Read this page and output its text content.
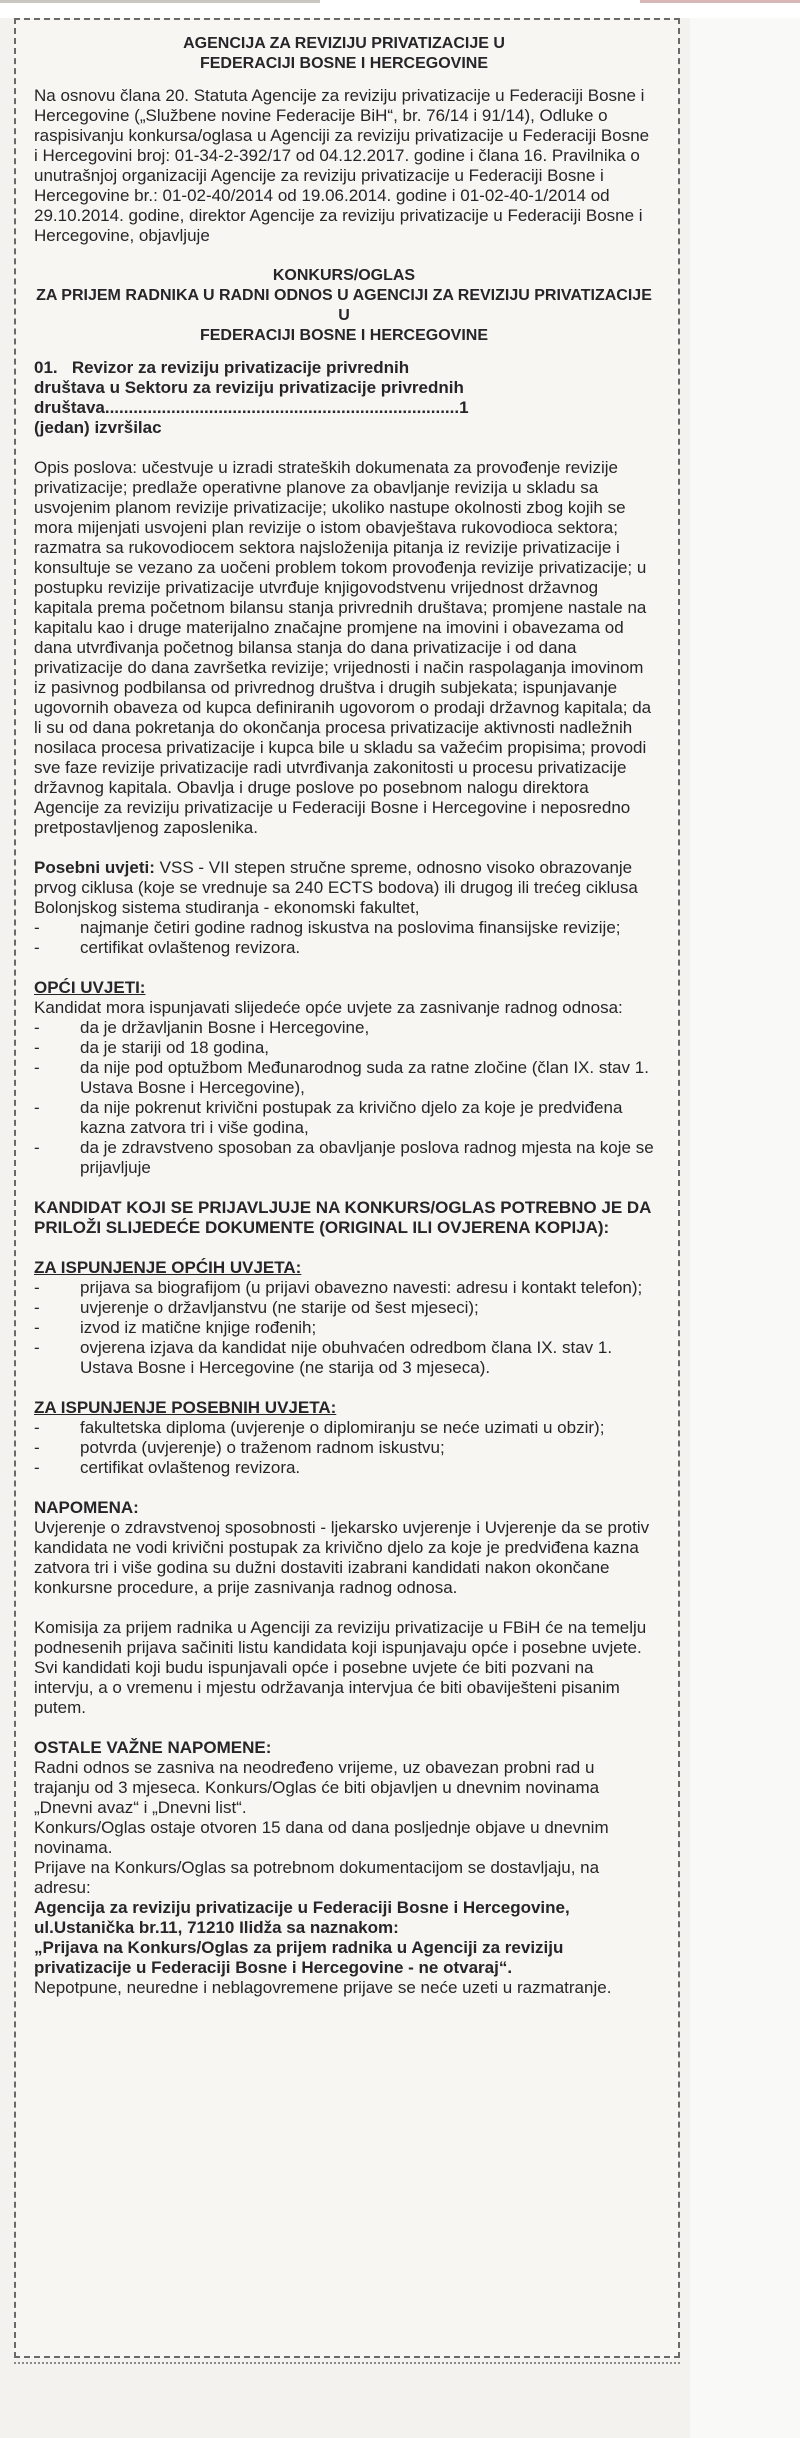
AGENCIJA ZA REVIZIJU PRIVATIZACIJE U
FEDERACIJI BOSNE I HERCEGOVINE

Na osnovu člana 20. Statuta Agencije za reviziju privatizacije u Federaciji Bosne i Hercegovine („Službene novine Federacije BiH“, br. 76/14 i 91/14), Odluke o raspisivanju konkursa/oglasa u Agenciji za reviziju privatizacije u Federaciji Bosne i Hercegovini broj: 01-34-2-392/17 od 04.12.2017. godine i člana 16. Pravilnika o unutrašnjoj organizaciji Agencije za reviziju privatizacije u Federaciji Bosne i Hercegovine br.: 01-02-40/2014 od 19.06.2014. godine i 01-02-40-1/2014 od 29.10.2014. godine, direktor Agencije za reviziju privatizacije u Federaciji Bosne i Hercegovine, objavljuje

KONKURS/OGLAS
ZA PRIJEM RADNIKA U RADNI ODNOS U AGENCIJI ZA REVIZIJU PRIVATIZACIJE U
FEDERACIJI BOSNE I HERCEGOVINE

01. Revizor za reviziju privatizacije privrednih

društava u Sektoru za reviziju privatizacije privrednih

društava...........................................................................1

(jedan) izvršilac

Opis poslova: učestvuje u izradi strateških dokumenata za provođenje revizije privatizacije; predlaže operativne planove za obavljanje revizija u skladu sa usvojenim planom revizije privatizacije; ukoliko nastupe okolnosti zbog kojih se mora mijenjati usvojeni plan revizije o istom obavještava rukovodioca sektora; razmatra sa rukovodiocem sektora najsloženija pitanja iz revizije privatizacije i konsultuje se vezano za uočeni problem tokom provođenja revizije privatizacije; u postupku revizije privatizacije utvrđuje knjigovodstvenu vrijednost državnog kapitala prema početnom bilansu stanja privrednih društava; promjene nastale na kapitalu kao i druge materijalno značajne promjene na imovini i obavezama od dana utvrđivanja početnog bilansa stanja do dana privatizacije i od dana privatizacije do dana završetka revizije; vrijednosti i način raspolaganja imovinom iz pasivnog podbilansa od privrednog društva i drugih subjekata; ispunjavanje ugovornih obaveza od kupca definiranih ugovorom o prodaji državnog kapitala; da li su od dana pokretanja do okončanja procesa privatizacije aktivnosti nadležnih nosilaca procesa privatizacije i kupca bile u skladu sa važećim propisima; provodi sve faze revizije privatizacije radi utvrđivanja zakonitosti u procesu privatizacije državnog kapitala. Obavlja i druge poslove po posebnom nalogu direktora Agencije za reviziju privatizacije u Federaciji Bosne i Hercegovine i neposredno pretpostavljenog zaposlenika.

Posebni uvjeti: VSS - VII stepen stručne spreme, odnosno visoko obrazovanje prvog ciklusa (koje se vrednuje sa 240 ECTS bodova) ili drugog ili trećeg ciklusa Bolonjskog sistema studiranja - ekonomski fakultet,

- najmanje četiri godine radnog iskustva na poslovima finansijske revizije;
- certifikat ovlaštenog revizora.

OPĆI UVJETI:

Kandidat mora ispunjavati slijedeće opće uvjete za zasnivanje radnog odnosa:

- da je državljanin Bosne i Hercegovine,
- da je stariji od 18 godina,
- da nije pod optužbom Međunarodnog suda za ratne zločine (član IX. stav 1. Ustava Bosne i Hercegovine),
- da nije pokrenut krivični postupak za krivično djelo za koje je predviđena kazna zatvora tri i više godina,
- da je zdravstveno sposoban za obavljanje poslova radnog mjesta na koje se prijavljuje

KANDIDAT KOJI SE PRIJAVLJUJE NA KONKURS/OGLAS POTREBNO JE DA

PRILOŽI SLIJEDEĆE DOKUMENTE (ORIGINAL ILI OVJERENA KOPIJA):

ZA ISPUNJENJE OPĆIH UVJETA:

- prijava sa biografijom (u prijavi obavezno navesti: adresu i kontakt telefon);
- uvjerenje o državljanstvu (ne starije od šest mjeseci);
- izvod iz matične knjige rođenih;
- ovjerena izjava da kandidat nije obuhvaćen odredbom člana IX. stav 1. Ustava Bosne i Hercegovine (ne starija od 3 mjeseca).

ZA ISPUNJENJE POSEBNIH UVJETA:

- fakultetska diploma (uvjerenje o diplomiranju se neće uzimati u obzir);
- potvrda (uvjerenje) o traženom radnom iskustvu;
- certifikat ovlaštenog revizora.

NAPOMENA:

Uvjerenje o zdravstvenoj sposobnosti - ljekarsko uvjerenje i Uvjerenje da se protiv kandidata ne vodi krivični postupak za krivično djelo za koje je predviđena kazna zatvora tri i više godina su dužni dostaviti izabrani kandidati nakon okončane konkursne procedure, a prije zasnivanja radnog odnosa.

Komisija za prijem radnika u Agenciji za reviziju privatizacije u FBiH će na temelju podnesenih prijava sačiniti listu kandidata koji ispunjavaju opće i posebne uvjete. Svi kandidati koji budu ispunjavali opće i posebne uvjete će biti pozvani na intervju, a o vremenu i mjestu održavanja intervjua će biti obaviješteni pisanim putem.

OSTALE VAŽNE NAPOMENE:

Radni odnos se zasniva na neodređeno vrijeme, uz obavezan probni rad u trajanju od 3 mjeseca. Konkurs/Oglas će biti objavljen u dnevnim novinama „Dnevni avaz“ i „Dnevni list“.

Konkurs/Oglas ostaje otvoren 15 dana od dana posljednje objave u dnevnim novinama.

Prijave na Konkurs/Oglas sa potrebnom dokumentacijom se dostavljaju, na adresu:

Agencija za reviziju privatizacije u Federaciji Bosne i Hercegovine, ul.Ustanička br.11, 71210 Ilidža sa naznakom:

„Prijava na Konkurs/Oglas za prijem radnika u Agenciji za reviziju privatizacije u Federaciji Bosne i Hercegovine - ne otvaraj“.

Nepotpune, neuredne i neblagovremene prijave se neće uzeti u razmatranje.
